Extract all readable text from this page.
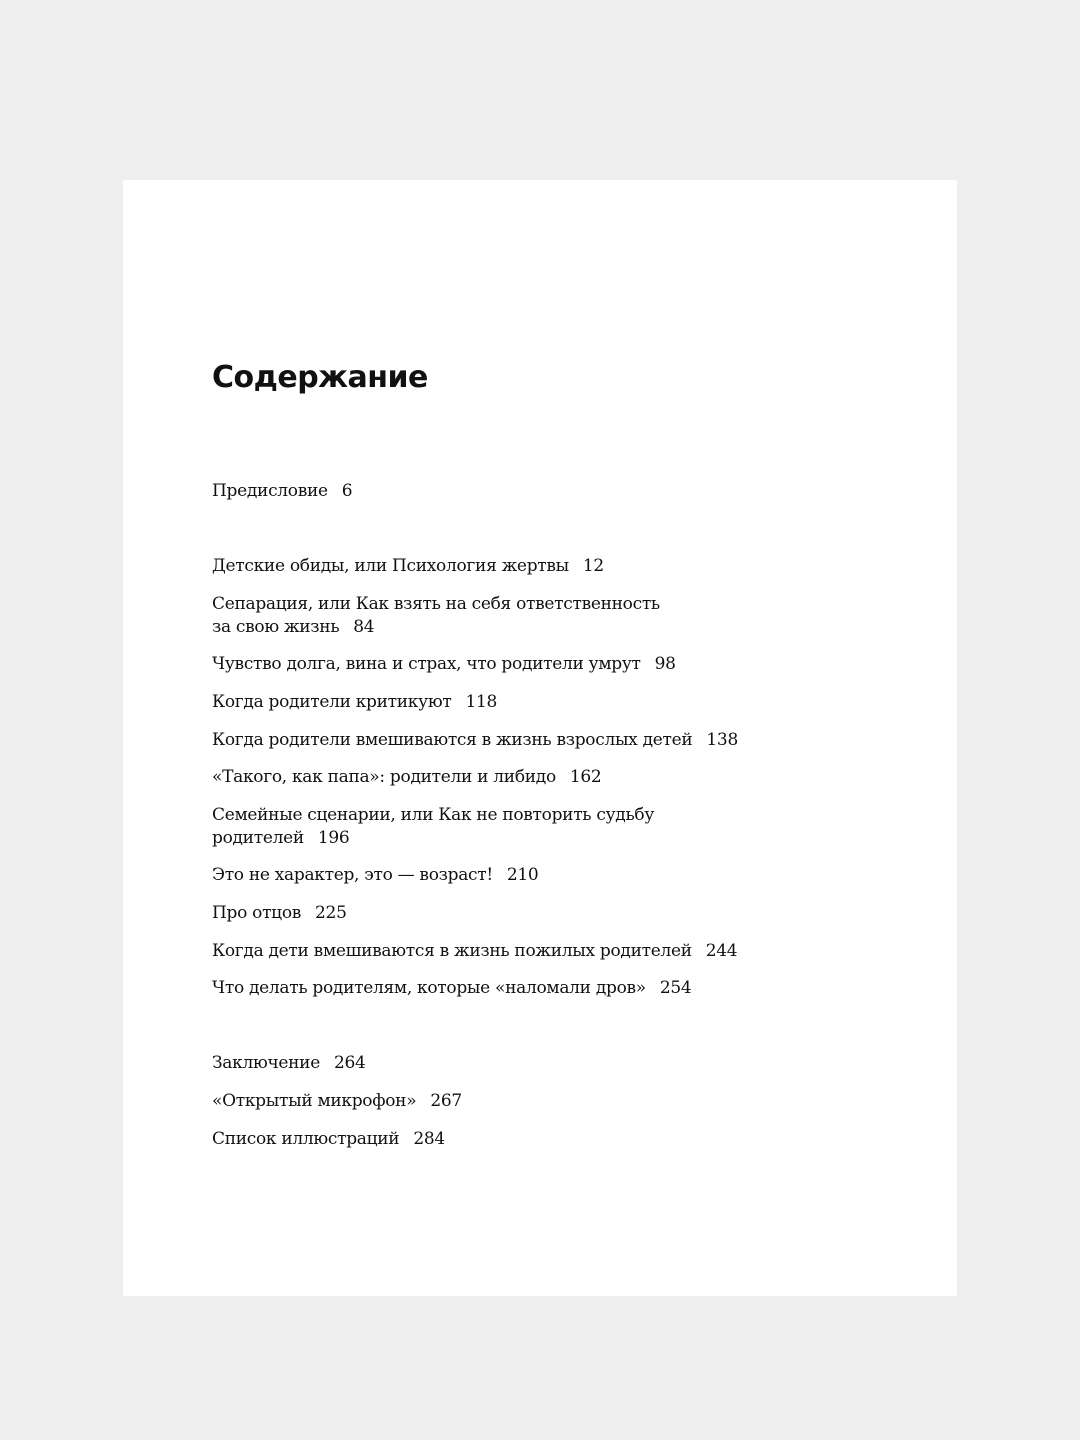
Содержание
Предисловие 6
Детские обиды, или Психология жертвы 12
Сепарация, или Как взять на себя ответственность
за свою жизнь 84
Чувство долга, вина и страх, что родители умрут 98
Когда родители критикуют 118
Когда родители вмешиваются в жизнь взрослых детей 138
«Такого, как папа»: родители и либидо 162
Семейные сценарии, или Как не повторить судьбу
родителей 196
Это не характер, это — возраст! 210
Про отцов 225
Когда дети вмешиваются в жизнь пожилых родителей 244
Что делать родителям, которые «наломали дров» 254
Заключение 264
«Открытый микрофон» 267
Список иллюстраций 284
